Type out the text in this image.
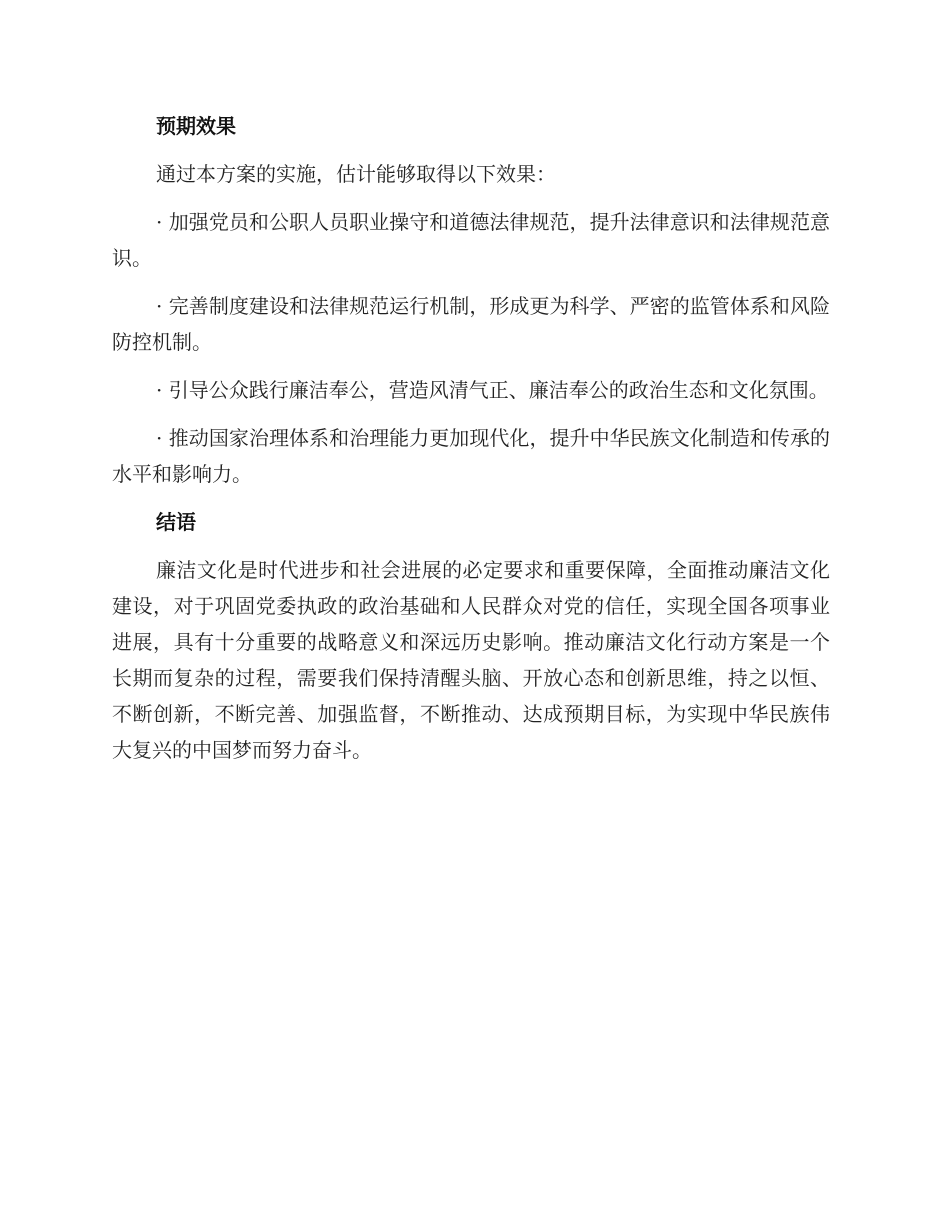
预期效果

通过本方案的实施，估计能够取得以下效果：

· 加强党员和公职人员职业操守和道德法律规范，提升法律意识和法律规范意识。

· 完善制度建设和法律规范运行机制，形成更为科学、严密的监管体系和风险防控机制。

· 引导公众践行廉洁奉公，营造风清气正、廉洁奉公的政治生态和文化氛围。

· 推动国家治理体系和治理能力更加现代化，提升中华民族文化制造和传承的水平和影响力。

结语

廉洁文化是时代进步和社会进展的必定要求和重要保障，全面推动廉洁文化建设，对于巩固党委执政的政治基础和人民群众对党的信任，实现全国各项事业进展，具有十分重要的战略意义和深远历史影响。推动廉洁文化行动方案是一个长期而复杂的过程，需要我们保持清醒头脑、开放心态和创新思维，持之以恒、不断创新，不断完善、加强监督，不断推动、达成预期目标，为实现中华民族伟大复兴的中国梦而努力奋斗。
